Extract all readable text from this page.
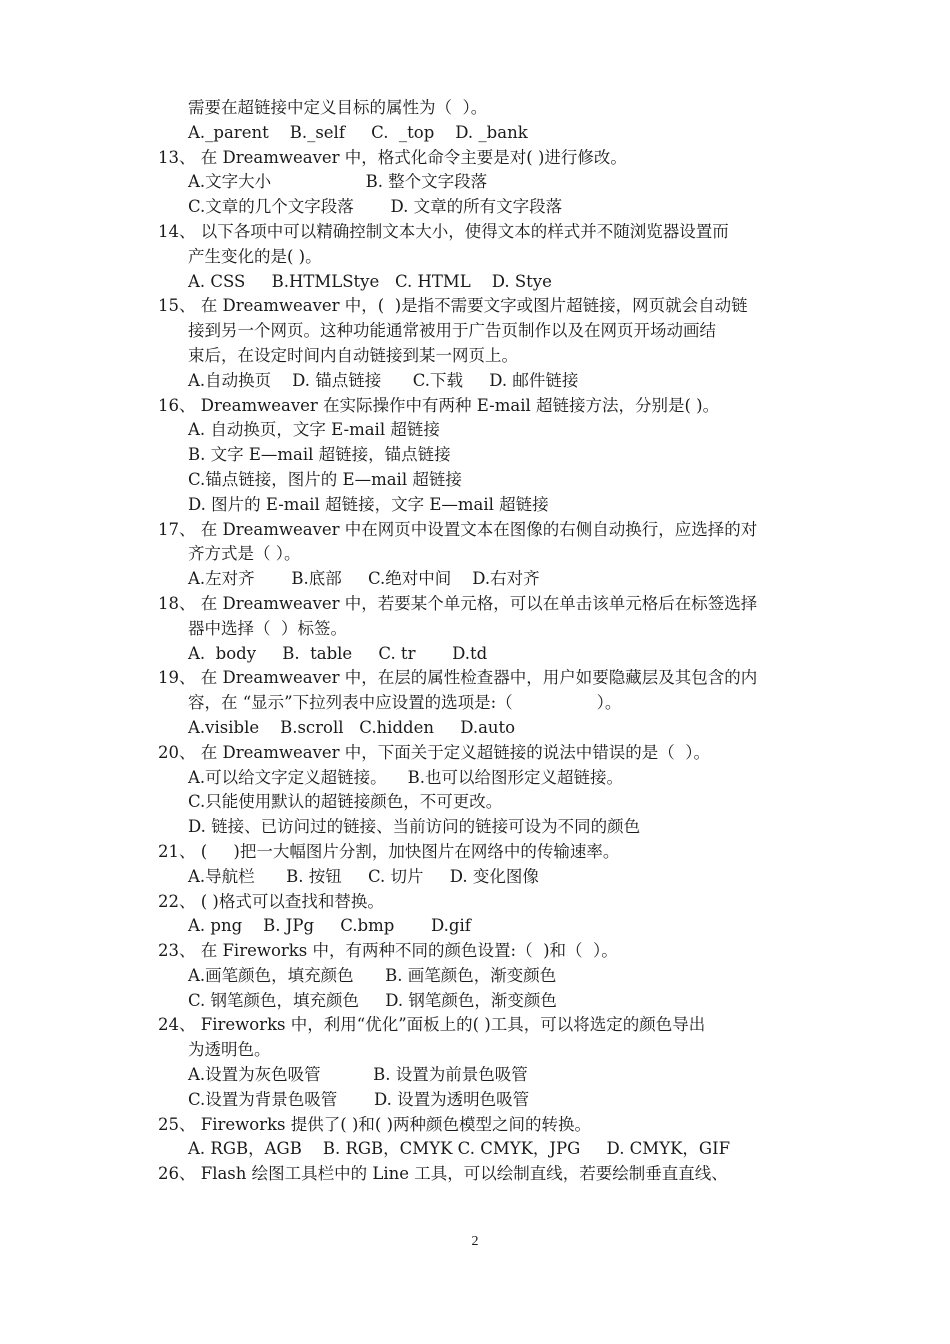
需要在超链接中定义目标的属性为（  ）。
A._parent    B._self     C.  _top    D. _bank
13、 在 Dreamweaver 中，格式化命令主要是对( )进行修改。
A.文字大小                  B. 整个文字段落
C.文章的几个文字段落       D. 文章的所有文字段落
14、 以下各项中可以精确控制文本大小，使得文本的样式并不随浏览器设置而
产生变化的是( )。
A. CSS     B.HTMLStye   C. HTML    D. Stye
15、 在 Dreamweaver 中，(  )是指不需要文字或图片超链接，网页就会自动链
接到另一个网页。这种功能通常被用于广告页制作以及在网页开场动画结
束后，在设定时间内自动链接到某一网页上。
A.自动换页    D. 锚点链接      C.下载     D. 邮件链接
16、 Dreamweaver 在实际操作中有两种 E-mail 超链接方法，分别是( )。
A. 自动换页，文字 E-mail 超链接
B. 文字 E—mail 超链接，锚点链接
C.锚点链接，图片的 E—mail 超链接
D. 图片的 E-mail 超链接，文字 E—mail 超链接
17、 在 Dreamweaver 中在网页中设置文本在图像的右侧自动换行，应选择的对
齐方式是（ ）。
A.左对齐       B.底部     C.绝对中间    D.右对齐
18、 在 Dreamweaver 中，若要某个单元格，可以在单击该单元格后在标签选择
器中选择（  ）标签。
A.  body     B.  table     C. tr       D.td
19、 在 Dreamweaver 中，在层的属性检查器中，用户如要隐藏层及其包含的内
容，在 “显示”下拉列表中应设置的选项是:（                ）。
A.visible    B.scroll   C.hidden     D.auto
20、 在 Dreamweaver 中，下面关于定义超链接的说法中错误的是（  ）。
A.可以给文字定义超链接。    B.也可以给图形定义超链接。
C.只能使用默认的超链接颜色，不可更改。
D. 链接、已访问过的链接、当前访问的链接可设为不同的颜色
21、 (     )把一大幅图片分割，加快图片在网络中的传输速率。
A.导航栏      B. 按钮     C. 切片     D. 变化图像
22、 ( )格式可以查找和替换。
A. png    B. JPg     C.bmp       D.gif
23、 在 Fireworks 中，有两种不同的颜色设置:（  )和（  ）。
A.画笔颜色，填充颜色      B. 画笔颜色，渐变颜色
C. 钢笔颜色，填充颜色     D. 钢笔颜色，渐变颜色
24、 Fireworks 中，利用“优化”面板上的( )工具，可以将选定的颜色导出
为透明色。
A.设置为灰色吸管          B. 设置为前景色吸管
C.设置为背景色吸管       D. 设置为透明色吸管
25、 Fireworks 提供了( )和( )两种颜色模型之间的转换。
A. RGB，AGB    B. RGB，CMYK C. CMYK，JPG     D. CMYK，GIF
26、 Flash 绘图工具栏中的 Line 工具，可以绘制直线，若要绘制垂直直线、
2
